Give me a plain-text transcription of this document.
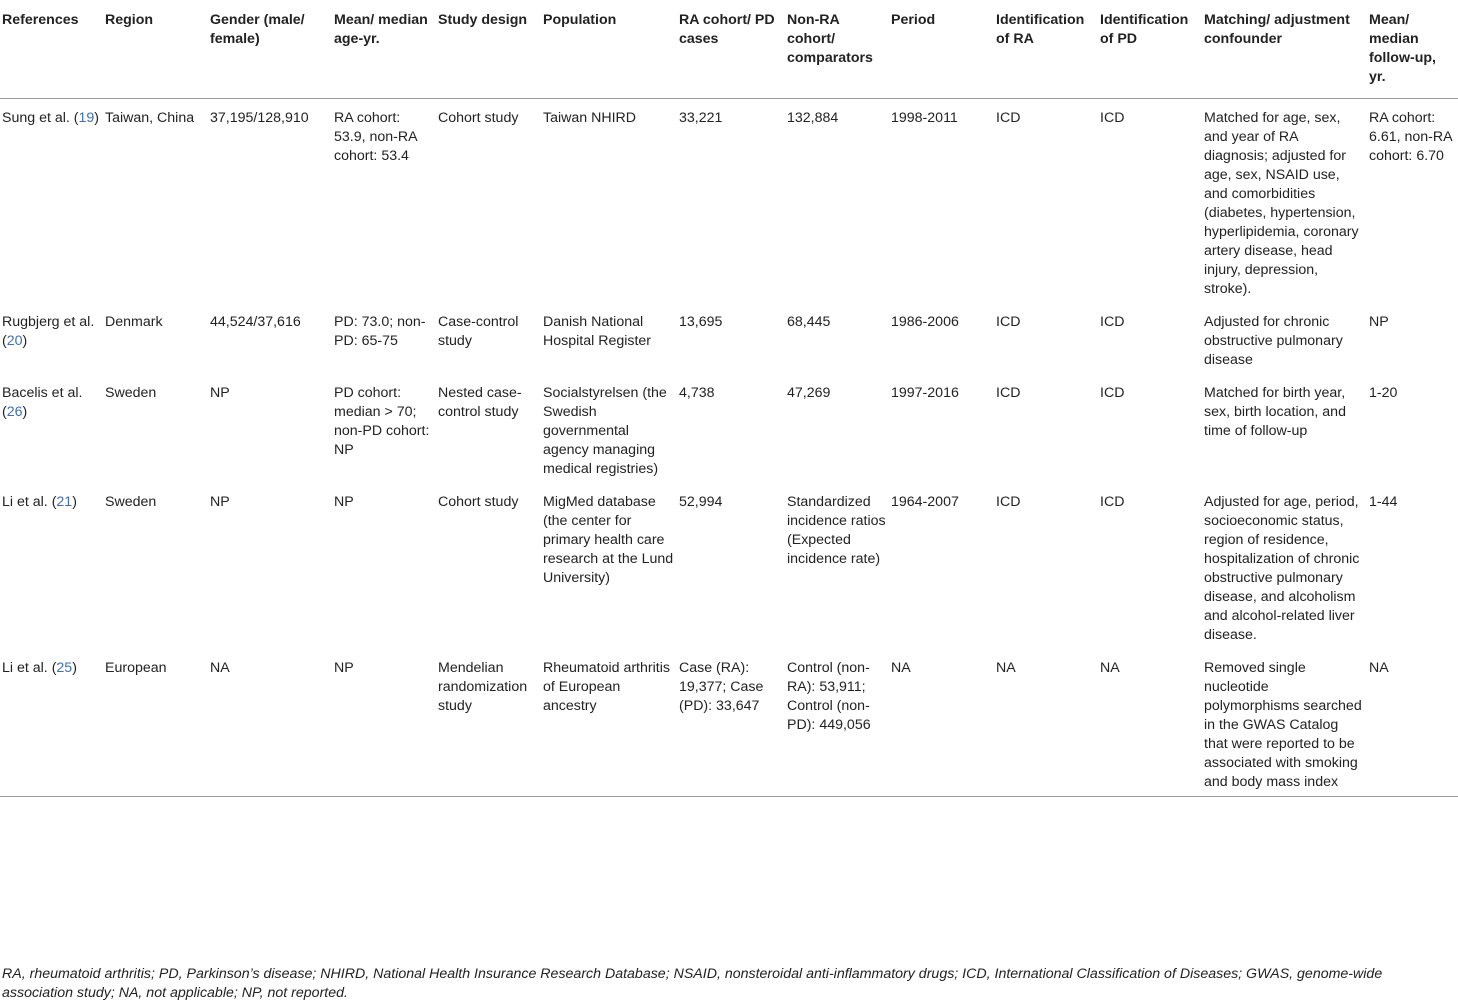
References	Region	Gender (male/ female)	Mean/ median age-yr.	Study design	Population	RA cohort/ PD cases	Non-RA cohort/ comparators	Period	Identification of RA	Identification of PD	Matching/ adjustment confounder	Mean/ median follow-up, yr.
Sung et al. (19)	Taiwan, China	37,195/128,910	RA cohort: 53.9, non-RA cohort: 53.4	Cohort study	Taiwan NHIRD	33,221	132,884	1998-2011	ICD	ICD	Matched for age, sex, and year of RA diagnosis; adjusted for age, sex, NSAID use, and comorbidities (diabetes, hypertension, hyperlipidemia, coronary artery disease, head injury, depression, stroke).	RA cohort: 6.61, non-RA cohort: 6.70
Rugbjerg et al. (20)	Denmark	44,524/37,616	PD: 73.0; non-PD: 65-75	Case-control study	Danish National Hospital Register	13,695	68,445	1986-2006	ICD	ICD	Adjusted for chronic obstructive pulmonary disease	NP
Bacelis et al. (26)	Sweden	NP	PD cohort: median > 70; non-PD cohort: NP	Nested case-control study	Socialstyrelsen (the Swedish governmental agency managing medical registries)	4,738	47,269	1997-2016	ICD	ICD	Matched for birth year, sex, birth location, and time of follow-up	1-20
Li et al. (21)	Sweden	NP	NP	Cohort study	MigMed database (the center for primary health care research at the Lund University)	52,994	Standardized incidence ratios (Expected incidence rate)	1964-2007	ICD	ICD	Adjusted for age, period, socioeconomic status, region of residence, hospitalization of chronic obstructive pulmonary disease, and alcoholism and alcohol-related liver disease.	1-44
Li et al. (25)	European	NA	NP	Mendelian randomization study	Rheumatoid arthritis of European ancestry	Case (RA): 19,377; Case (PD): 33,647	Control (non-RA): 53,911; Control (non-PD): 449,056	NA	NA	NA	Removed single nucleotide polymorphisms searched in the GWAS Catalog that were reported to be associated with smoking and body mass index	NA
RA, rheumatoid arthritis; PD, Parkinson’s disease; NHIRD, National Health Insurance Research Database; NSAID, nonsteroidal anti-inflammatory drugs; ICD, International Classification of Diseases; GWAS, genome-wide association study; NA, not applicable; NP, not reported.
